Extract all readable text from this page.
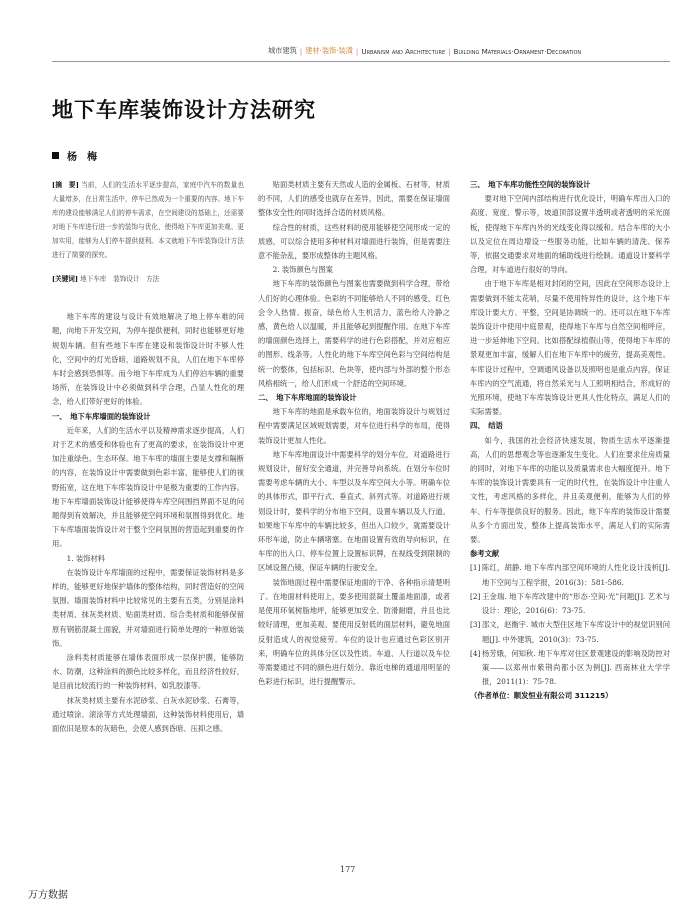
城市建筑 | 建材·装饰·装潢 | Urbanism and Architecture | Building Materials·Ornament·Decoration
地下车库装饰设计方法研究
杨　梅

[摘　要] 当前，人们的生活水平逐步提高，家庭中汽车的数量也大量增多，在日常生活中，停车已然成为一个重要的内容。地下车库的建设能够满足人们的停车需求，在空间建设的基础上，还需要对地下车库进行进一步的装饰与优化，使得地下车库更加美观、更加实用，能够为人们停车提供便利。本文就地下车库装饰设计方法进行了简要的探究。

[关键词] 地下车库　装饰设计　方法

地下车库的建设与设计有效地解决了地上停车难的问题，向地下开发空间，为停车提供便利，同时也能够更好地规划车辆。但有些地下车库在建设和装饰设计时不够人性化，空间中的灯光昏暗，道路规划不良，人们在地下车库停车时会感到恐惧等。而今地下车库成为人们停泊车辆的重要场所，在装饰设计中必须做到科学合理，凸显人性化的理念，给人们带好更好的体验。

一、　地下车库墙面的装饰设计

近年来，人们的生活水平以及精神需求逐步提高，人们对于艺术的感受和体验也有了更高的要求，在装饰设计中更加注重绿色、生态环保。地下车库的墙面主要是支撑和隔断的内容，在装饰设计中需要做到色彩丰富，能够使人们的视野拓宽，这在地下车库装饰设计中是极为重要的工作内容。地下车库墙面装饰设计能够使得车库空间围挡界面不足的问题得到有效解决，并且能够使空间环境和氛围得到优化。地下车库墙面装饰设计对于整个空间氛围的营造起到重要的作用。

1. 装饰材料

在装饰设计车库墙面的过程中，需要保证装饰材料是多样的，能够更好地保护墙体的整体结构，同时营造好的空间氛围。墙面装饰材料中比较常见的主要有五类，分别是涂料类材质、抹灰类材质、贴面类材质、综合类材质和能够保留原有钢筋混凝土面貌，并对墙面进行简单处理的一种原始装饰。

涂料类材质能够在墙体表面形成一层保护膜，能够防水、防潮，这种涂料的颜色比较多样化，而且经济性较好，是目前比较流行的一种装饰材料，如乳胶漆等。

抹灰类材质主要有水泥砂浆、白灰水泥砂浆、石膏等，通过喷涂、滚涂等方式处理墙面，这种装饰材料使用后，墙面依旧是原本的灰暗色，会使人感到昏暗、压抑之感。

贴面类材质主要有天然或人造的金属板、石材等，材质的不同，人们的感受也就存在差异，因此，需要在保证墙面整体安全性的同时选择合适的材质风格。

综合性的材质，这些材料的使用能够使空间形成一定的质感，可以综合使用多种材料对墙面进行装饰，但是需要注意不能杂乱，要形成整体的主题风格。

2. 装饰颜色与图案

地下车库的装饰颜色与图案也需要做到科学合理，带给人们好的心理体验。色彩的不同能够给人不同的感受，红色会令人热情、振奋，绿色给人生机活力，蓝色给人冷静之感，黄色给人以温暖，并且能够起到提醒作用。在地下车库的墙面颜色选择上，需要科学的进行色彩搭配，并对应相应的图形、线条等。人性化的地下车库空间色彩与空间结构是统一的整体，包括标识、色块等，使内部与外部的整个形态风格相统一，给人们形成一个舒适的空间环境。

二、　地下车库地面的装饰设计

地下车库的地面是承载车位的，地面装饰设计与规划过程中需要满足区域规划需要，对车位进行科学的布局，使得装饰设计更加人性化。

地下车库地面设计中需要科学的划分车位，对道路进行规划设计，留好安全通道，并完善导向系统。在划分车位时需要考虑车辆的大小、车型以及车库空间大小等。明确车位的具体形式，即平行式、垂直式、斜列式等。对道路进行规划设计时，要科学的分布地下空间，设置车辆以及人行道。如果地下车库中的车辆比较多，但出入口较少，就需要设计环形车道，防止车辆堵塞。在地面设置有效的导向标识，在车库的出入口、停车位置上设置标识牌，在视线受到限制的区域设置凸镜，保证车辆的行驶安全。

装饰地面过程中需要保证地面的干净、各种指示清楚明了。在地面材料使用上，要多使用混凝土覆盖地面漆，或者是使用环氧树脂地坪，能够更加安全、防滑耐磨，并且也比较好清理，更加美观。要使用反射低的面层材料，避免地面反射造成人的视觉疲劳。车位的设计也应通过色彩区别开来，明确车位的具体分区以及性质。车道、人行道以及车位等需要通过不同的颜色进行划分。靠近电梯的通道用明显的色彩进行标识，进行提醒警示。

三、　地下车库功能性空间的装饰设计

要对地下空间内部结构进行优化设计，明确车库出入口的高度、宽度、警示等，坡道顶部设置半透明或者透明的采光面板，使得地下车库内外的光线变化得以缓和。结合车库的大小以及定位在周边增设一些服务功能，比如车辆的清洗、保养等，依据交通要求对地面的辅助线进行绘制。通道设计要科学合理，对车道进行很好的导向。

由于地下车库是相对封闭的空间，因此在空间形态设计上需要做到不能太花哨，尽量不使用特异性的设计，这个地下车库设计要大方、平整，空间是协调统一的。还可以在地下车库装饰设计中使用中庭景观，使得地下车库与自然空间相呼应，进一步延伸地下空间。比如搭配绿植假山等，使得地下车库的景观更加丰富，缓解人们在地下车库中的疲劳，提高美观性。车库设计过程中，空调通风设备以及照明也是重点内容，保证车库内的空气流通，将自然采光与人工照明相结合，形成好的光照环境，使地下车库装饰设计更具人性化特点，满足人们的实际需要。

四、　结语

如今，我国的社会经济快速发展，物质生活水平逐渐提高，人们的思想观念等也逐渐发生变化。人们在要求住房质量的同时，对地下车库的功能以及质量需求也大幅度提升。地下车库的装饰设计需要具有一定的时代性，在装饰设计中注重人文性，考虑风格的多样化，并且美观便利，能够为人们的停车、行车等提供良好的服务。因此，地下车库的装饰设计需要从多个方面出发，整体上提高装饰水平，满足人们的实际需要。

参考文献

[1] 陈红，胡静. 地下车库内部空间环境的人性化设计浅析[J]. 地下空间与工程学报，2016(3)：581-586.

[2] 王金瑞. 地下车库改建中的“形态·空间·光”问题[J]. 艺术与设计：理论，2016(6)：73-75.

[3] 邵文，赵衡宇. 城市大型住区地下车库设计中的视觉识别问题[J]. 中外建筑，2010(3)：73-75.

[4] 杨芳娥，何知秋. 地下车库对住区景观建设的影响及防控对策——以郑州市紫荆尚都小区为例[J]. 西南林业大学学报，2011(1)：75-78.

（作者单位：顺发恒业有限公司 311215）

177
万方数据
